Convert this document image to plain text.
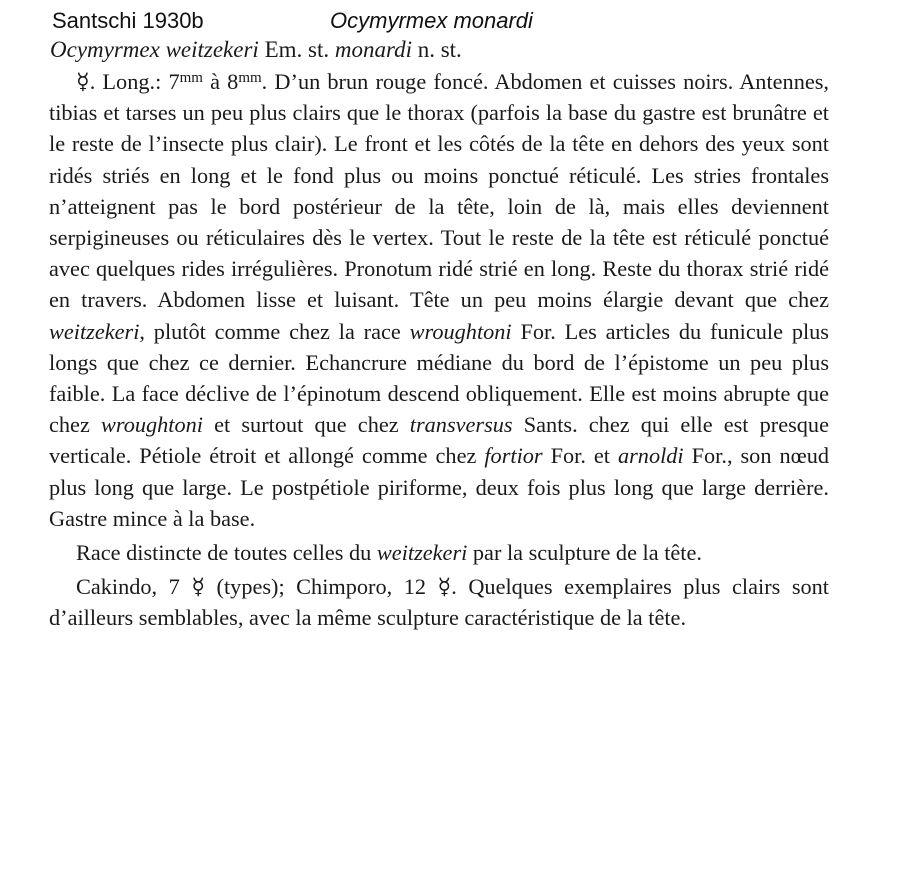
Santschi 1930b	Ocymyrmex monardi
Ocymyrmex weitzekeri Em. st. monardi n. st.

☿. Long.: $7^{mm}$ à $8^{mm}$. D’un brun rouge foncé. Abdomen et cuisses noirs. Antennes, tibias et tarses un peu plus clairs que le thorax (parfois la base du gastre est brunâtre et le reste de l’insecte plus clair). Le front et les côtés de la tête en dehors des yeux sont ridés striés en long et le fond plus ou moins ponctué réticulé. Les stries frontales n’atteignent pas le bord postérieur de la tête, loin de là, mais elles deviennent serpigineuses ou réticulaires dès le vertex. Tout le reste de la tête est réticulé ponctué avec quelques rides irrégulières. Pronotum ridé strié en long. Reste du thorax strié ridé en travers. Abdomen lisse et luisant. Tête un peu moins élargie devant que chez weitzekeri, plutôt comme chez la race wroughtoni For. Les articles du funicule plus longs que chez ce dernier. Echancrure médiane du bord de l’épistome un peu plus faible. La face déclive de l’épinotum descend obliquement. Elle est moins abrupte que chez wroughtoni et surtout que chez transversus Sants. chez qui elle est presque verticale. Pétiole étroit et allongé comme chez fortior For. et arnoldi For., son nœud plus long que large. Le postpétiole piriforme, deux fois plus long que large derrière. Gastre mince à la base.

Race distincte de toutes celles du weitzekeri par la sculpture de la tête.

Cakindo, 7 ☿ (types); Chimporo, 12 ☿. Quelques exemplaires plus clairs sont d’ailleurs semblables, avec la même sculpture caractéristique de la tête.
